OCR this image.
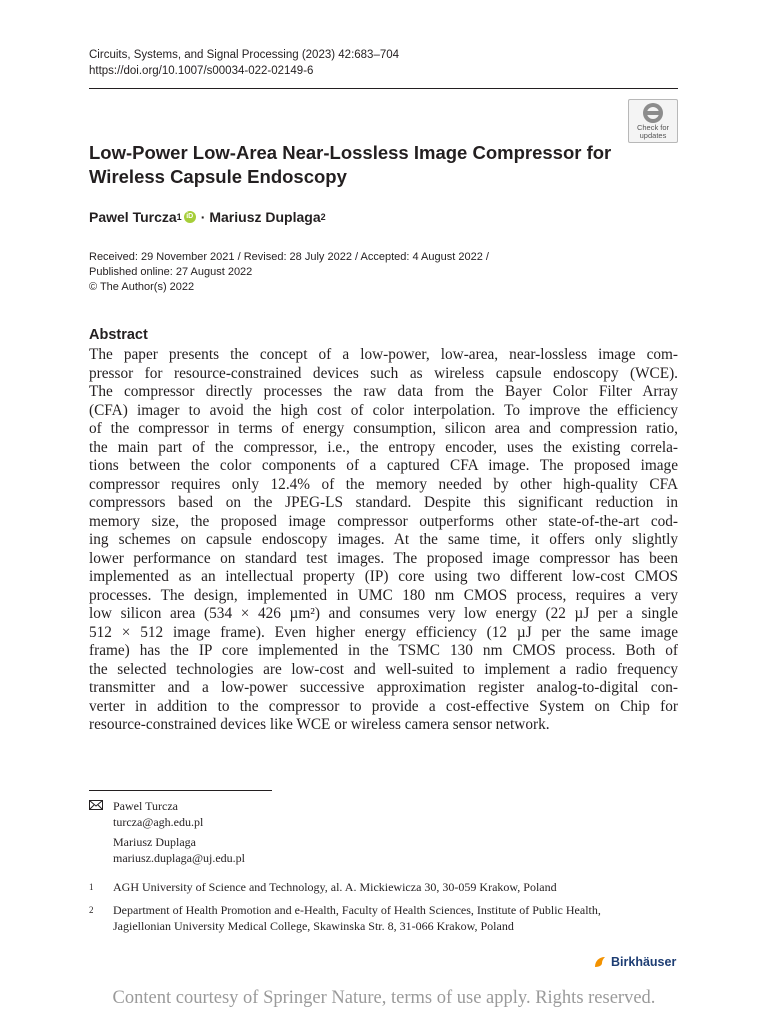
Circuits, Systems, and Signal Processing (2023) 42:683–704
https://doi.org/10.1007/s00034-022-02149-6
Check for
updates
Low-Power Low-Area Near-Lossless Image Compressor for
Wireless Capsule Endoscopy
Pawel Turcza 1 iD · Mariusz Duplaga 2
Received: 29 November 2021 / Revised: 28 July 2022 / Accepted: 4 August 2022 /
Published online: 27 August 2022
© The Author(s) 2022
Abstract
The paper presents the concept of a low-power, low-area, near-lossless image com-
pressor for resource-constrained devices such as wireless capsule endoscopy (WCE).
The compressor directly processes the raw data from the Bayer Color Filter Array
(CFA) imager to avoid the high cost of color interpolation. To improve the efficiency
of the compressor in terms of energy consumption, silicon area and compression ratio,
the main part of the compressor, i.e., the entropy encoder, uses the existing correla-
tions between the color components of a captured CFA image. The proposed image
compressor requires only 12.4% of the memory needed by other high-quality CFA
compressors based on the JPEG-LS standard. Despite this significant reduction in
memory size, the proposed image compressor outperforms other state-of-the-art cod-
ing schemes on capsule endoscopy images. At the same time, it offers only slightly
lower performance on standard test images. The proposed image compressor has been
implemented as an intellectual property (IP) core using two different low-cost CMOS
processes. The design, implemented in UMC 180 nm CMOS process, requires a very
low silicon area (534 × 426 µm²) and consumes very low energy (22 µJ per a single
512 × 512 image frame). Even higher energy efficiency (12 µJ per the same image
frame) has the IP core implemented in the TSMC 130 nm CMOS process. Both of
the selected technologies are low-cost and well-suited to implement a radio frequency
transmitter and a low-power successive approximation register analog-to-digital con-
verter in addition to the compressor to provide a cost-effective System on Chip for
resource-constrained devices like WCE or wireless camera sensor network.
Pawel Turcza
turcza@agh.edu.pl
Mariusz Duplaga
mariusz.duplaga@uj.edu.pl
1 AGH University of Science and Technology, al. A. Mickiewicza 30, 30-059 Krakow, Poland
2 Department of Health Promotion and e-Health, Faculty of Health Sciences, Institute of Public Health,
Jagiellonian University Medical College, Skawinska Str. 8, 31-066 Krakow, Poland
Birkhäuser
Content courtesy of Springer Nature, terms of use apply. Rights reserved.
